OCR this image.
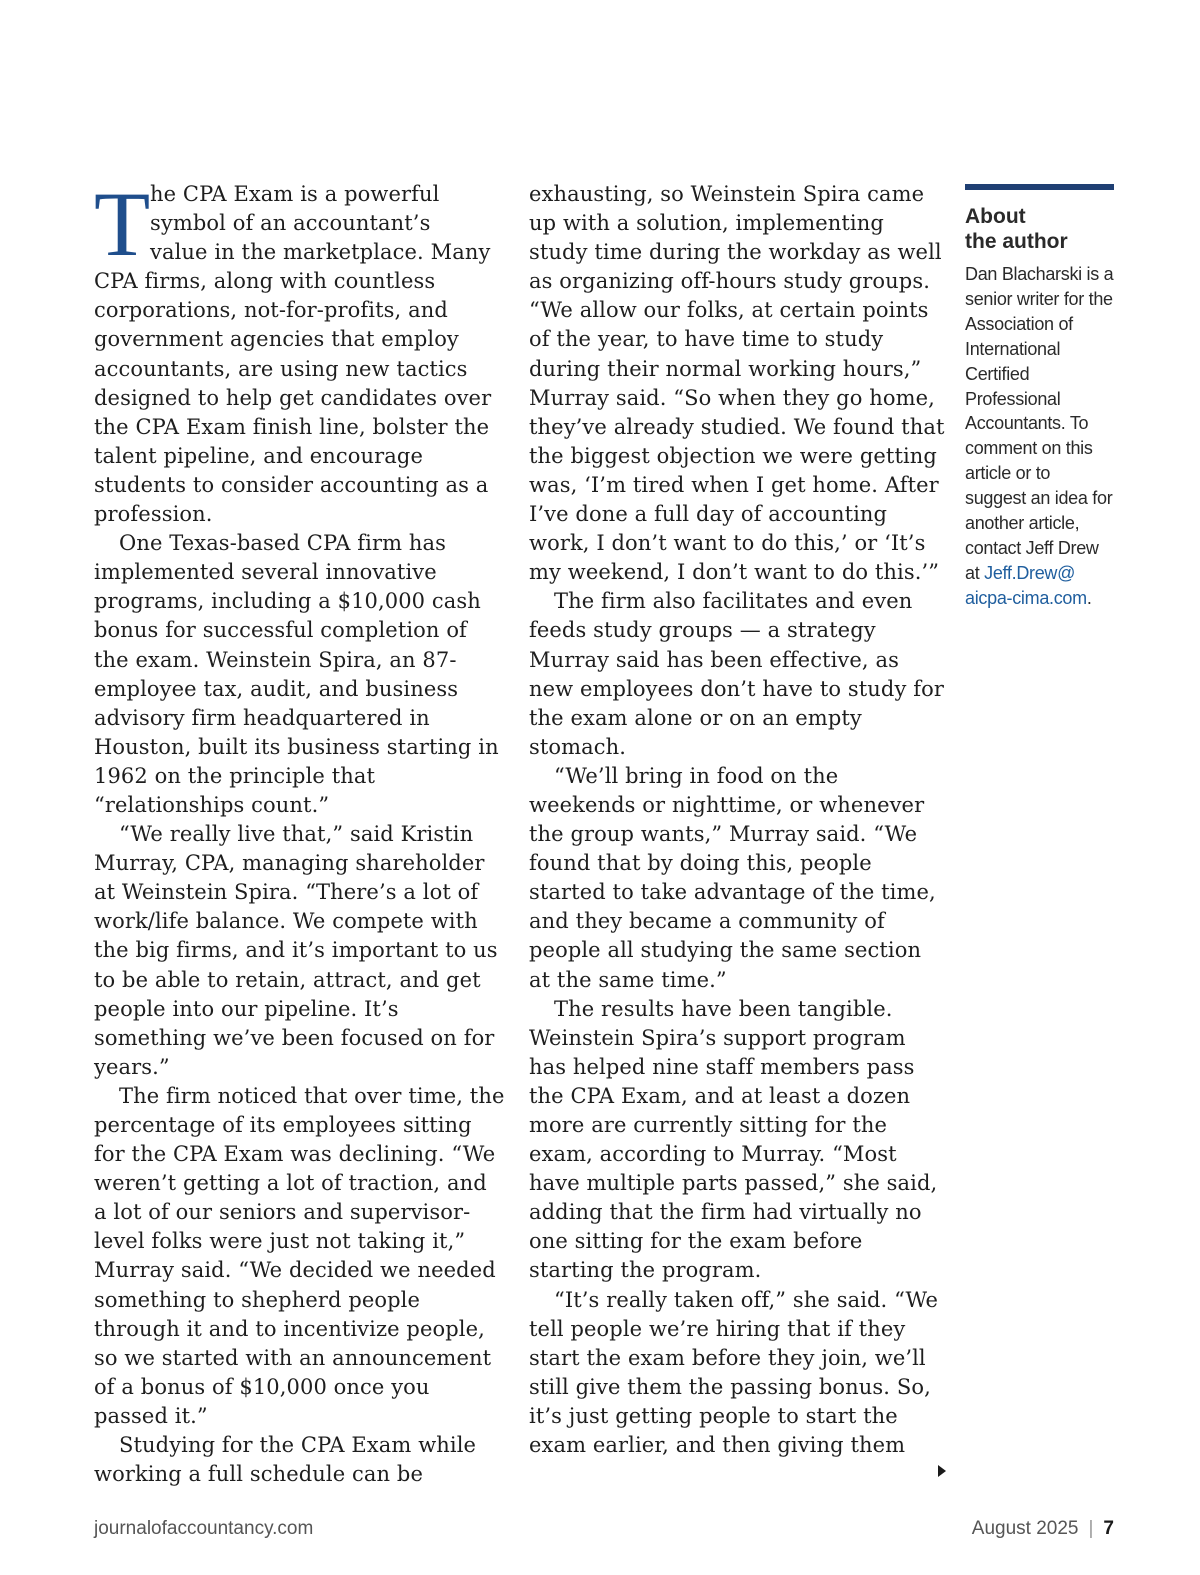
T he CPA Exam is a powerful
symbol of an accountant’s
value in the marketplace. Many

CPA firms, along with countless corporations, not-for-profits, and government agencies that employ accountants, are using new tactics designed to help get candidates over the CPA Exam finish line, bolster the talent pipeline, and encourage students to consider accounting as a profession.

One Texas-based CPA firm has implemented several innovative programs, including a $10,000 cash bonus for successful completion of the exam. Weinstein Spira, an 87-employee tax, audit, and business advisory firm headquartered in Houston, built its business starting in 1962 on the principle that “relationships count.”

“We really live that,” said Kristin Murray, CPA, managing shareholder at Weinstein Spira. “There’s a lot of work/life balance. We compete with the big firms, and it’s important to us to be able to retain, attract, and get people into our pipeline. It’s something we’ve been focused on for years.”

The firm noticed that over time, the percentage of its employees sitting for the CPA Exam was declining. “We weren’t getting a lot of traction, and a lot of our seniors and supervisor-level folks were just not taking it,” Murray said. “We decided we needed something to shepherd people through it and to incentivize people, so we started with an announcement of a bonus of $10,000 once you passed it.”

Studying for the CPA Exam while working a full schedule can be

exhausting, so Weinstein Spira came up with a solution, implementing study time during the workday as well as organizing off-hours study groups. “We allow our folks, at certain points of the year, to have time to study during their normal working hours,” Murray said. “So when they go home, they’ve already studied. We found that the biggest objection we were getting was, ‘I’m tired when I get home. After I’ve done a full day of accounting work, I don’t want to do this,’ or ‘It’s my weekend, I don’t want to do this.’”

The firm also facilitates and even feeds study groups — a strategy Murray said has been effective, as new employees don’t have to study for the exam alone or on an empty stomach.

“We’ll bring in food on the weekends or nighttime, or whenever the group wants,” Murray said. “We found that by doing this, people started to take advantage of the time, and they became a community of people all studying the same section at the same time.”

The results have been tangible. Weinstein Spira’s support program has helped nine staff members pass the CPA Exam, and at least a dozen more are currently sitting for the exam, according to Murray. “Most have multiple parts passed,” she said, adding that the firm had virtually no one sitting for the exam before starting the program.

“It’s really taken off,” she said. “We tell people we’re hiring that if they start the exam before they join, we’ll still give them the passing bonus. So, it’s just getting people to start the exam earlier, and then giving them

About
the author
Dan Blacharski is a senior writer for the Association of International Certified Professional Accountants. To comment on this article or to suggest an idea for another article, contact Jeff Drew at Jeff.Drew@
aicpa-cima.com.
journalofaccountancy.com	August 2025 | 7
